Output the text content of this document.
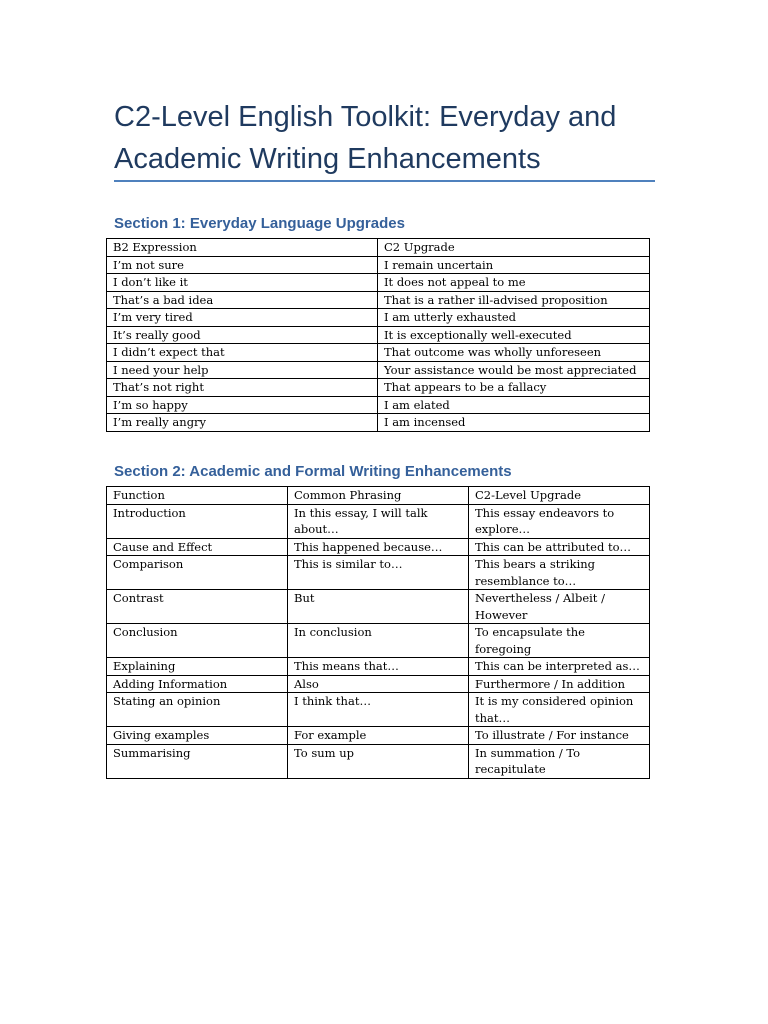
C2-Level English Toolkit: Everyday and Academic Writing Enhancements
Section 1: Everyday Language Upgrades
B2 Expression	C2 Upgrade
I’m not sure	I remain uncertain
I don’t like it	It does not appeal to me
That’s a bad idea	That is a rather ill-advised proposition
I’m very tired	I am utterly exhausted
It’s really good	It is exceptionally well-executed
I didn’t expect that	That outcome was wholly unforeseen
I need your help	Your assistance would be most appreciated
That’s not right	That appears to be a fallacy
I’m so happy	I am elated
I’m really angry	I am incensed
Section 2: Academic and Formal Writing Enhancements
Function	Common Phrasing	C2-Level Upgrade
Introduction	In this essay, I will talk about…	This essay endeavors to explore…
Cause and Effect	This happened because…	This can be attributed to…
Comparison	This is similar to…	This bears a striking resemblance to…
Contrast	But	Nevertheless / Albeit / However
Conclusion	In conclusion	To encapsulate the foregoing
Explaining	This means that…	This can be interpreted as…
Adding Information	Also	Furthermore / In addition
Stating an opinion	I think that…	It is my considered opinion that…
Giving examples	For example	To illustrate / For instance
Summarising	To sum up	In summation / To recapitulate
